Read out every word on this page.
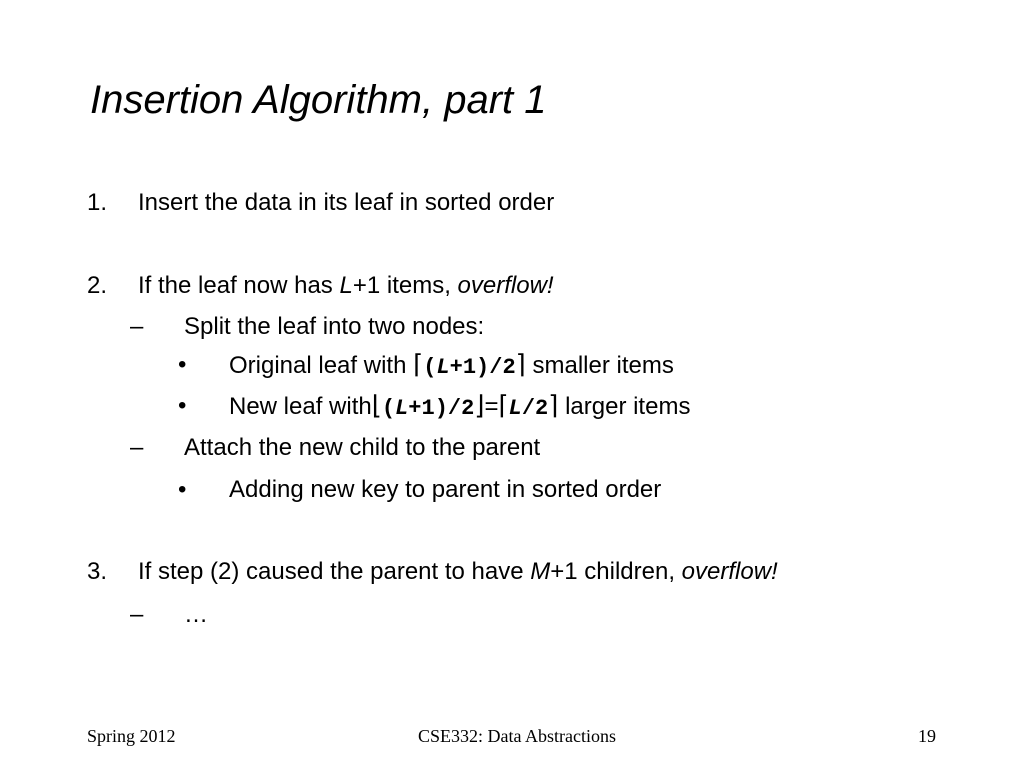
Insertion Algorithm, part 1
1. Insert the data in its leaf in sorted order
2. If the leaf now has L+1 items, overflow!
– Split the leaf into two nodes:
• Original leaf with ⌈(L+1)/2⌉ smaller items
• New leaf with⌊(L+1)/2⌋=⌈L/2⌉ larger items
– Attach the new child to the parent
• Adding new key to parent in sorted order
3. If step (2) caused the parent to have M+1 children, overflow!
– …
Spring 2012	CSE332: Data Abstractions	19
